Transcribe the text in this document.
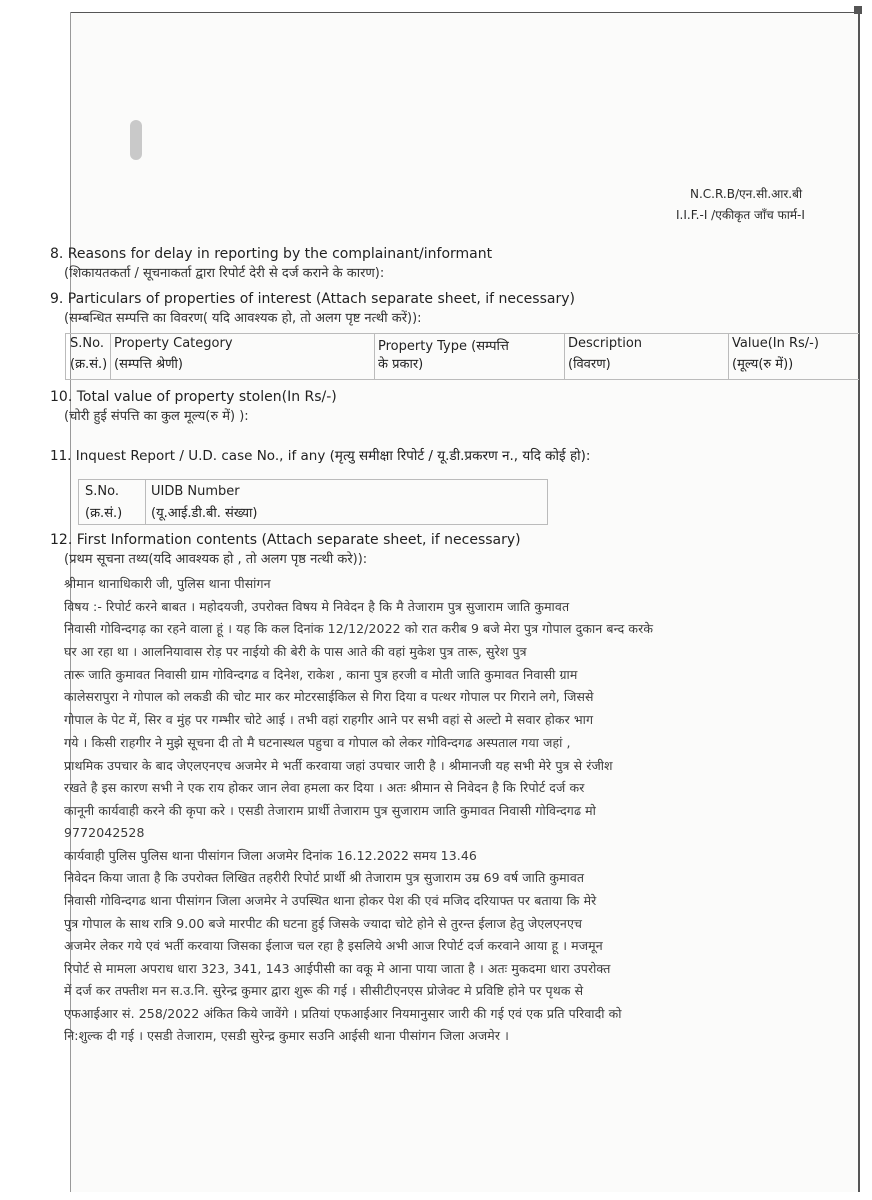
N.C.R.B/एन.सी.आर.बी
I.I.F.-I /एकीकृत जाँच फार्म-I
8. Reasons for delay in reporting by the complainant/informant
(शिकायतकर्ता / सूचनाकर्ता द्वारा रिपोर्ट देरी से दर्ज कराने के कारण):
9. Particulars of properties of interest (Attach separate sheet, if necessary)
(सम्बन्धित सम्पत्ति का विवरण( यदि आवश्यक हो, तो अलग पृष्ट नत्थी करें)):
S.No.
(क्र.सं.)
Property Category
(सम्पत्ति श्रेणी)
Property Type (सम्पत्ति
के प्रकार)
Description
(विवरण)
Value(In Rs/-)
(मूल्य(रु में))
10. Total value of property stolen(In Rs/-)
(चोरी हुई संपत्ति का कुल मूल्य(रु में) ):
11. Inquest Report / U.D. case No., if any (मृत्यु समीक्षा रिपोर्ट / यू.डी.प्रकरण न., यदि कोई हो):
S.No.
(क्र.सं.)
UIDB Number
(यू.आई.डी.बी. संख्या)
12. First Information contents (Attach separate sheet, if necessary)
(प्रथम सूचना तथ्य(यदि आवश्यक हो , तो अलग पृष्ठ नत्थी करे)):
श्रीमान थानाधिकारी जी, पुलिस थाना पीसांगन
विषय :- रिपोर्ट करने बाबत । महोदयजी, उपरोक्त विषय मे निवेदन है कि मै तेजाराम पुत्र सुजाराम जाति कुमावत
निवासी गोविन्दगढ़ का रहने वाला हूं । यह कि कल दिनांक 12/12/2022 को रात करीब 9 बजे मेरा पुत्र गोपाल दुकान बन्द करके
घर आ रहा था । आलनियावास रोड़ पर नाईयो की बेरी के पास आते की वहां मुकेश पुत्र तारू, सुरेश पुत्र
तारू जाति कुमावत निवासी ग्राम गोविन्दगढ व दिनेश, राकेश , काना पुत्र हरजी व मोती जाति कुमावत निवासी ग्राम
कालेसरापुरा ने गोपाल को लकडी की चोट मार कर मोटरसाईकिल से गिरा दिया व पत्थर गोपाल पर गिराने लगे, जिससे
गोपाल के पेट में, सिर व मुंह पर गम्भीर चोटे आई । तभी वहां राहगीर आने पर सभी वहां से अल्टो मे सवार होकर भाग
गये । किसी राहगीर ने मुझे सूचना दी तो मै घटनास्थल पहुचा व गोपाल को लेकर गोविन्दगढ अस्पताल गया जहां ,
प्राथमिक उपचार के बाद जेएलएनएच अजमेर मे भर्ती करवाया जहां उपचार जारी है । श्रीमानजी यह सभी मेरे पुत्र से रंजीश
रखते है इस कारण सभी ने एक राय होकर जान लेवा हमला कर दिया । अतः श्रीमान से निवेदन है कि रिपोर्ट दर्ज कर
कानूनी कार्यवाही करने की कृपा करे । एसडी तेजाराम प्रार्थी तेजाराम पुत्र सुजाराम जाति कुमावत निवासी गोविन्दगढ मो
9772042528
कार्यवाही पुलिस पुलिस थाना पीसांगन जिला अजमेर दिनांक 16.12.2022 समय 13.46
निवेदन किया जाता है कि उपरोक्त लिखित तहरीरी रिपोर्ट प्रार्थी श्री तेजाराम पुत्र सुजाराम उम्र 69 वर्ष जाति कुमावत
निवासी गोविन्दगढ थाना पीसांगन जिला अजमेर ने उपस्थित थाना होकर पेश की एवं मजिद दरियाफ्त पर बताया कि मेरे
पुत्र गोपाल के साथ रात्रि 9.00 बजे मारपीट की घटना हुई जिसके ज्यादा चोटे होने से तुरन्त ईलाज हेतु जेएलएनएच
अजमेर लेकर गये एवं भर्ती करवाया जिसका ईलाज चल रहा है इसलिये अभी आज रिपोर्ट दर्ज करवाने आया हू । मजमून
रिपोर्ट से मामला अपराध धारा 323, 341, 143 आईपीसी का वकू मे आना पाया जाता है । अतः मुकदमा धारा उपरोक्त
में दर्ज कर तफ्तीश मन स.उ.नि. सुरेन्द्र कुमार द्वारा शुरू की गई । सीसीटीएनएस प्रोजेक्ट मे प्रविष्टि होने पर पृथक से
एफआईआर सं. 258/2022 अंकित किये जावेंगे । प्रतियां एफआईआर नियमानुसार जारी की गई एवं एक प्रति परिवादी को
नि:शुल्क दी गई । एसडी तेजाराम, एसडी सुरेन्द्र कुमार सउनि आईसी थाना पीसांगन जिला अजमेर ।
